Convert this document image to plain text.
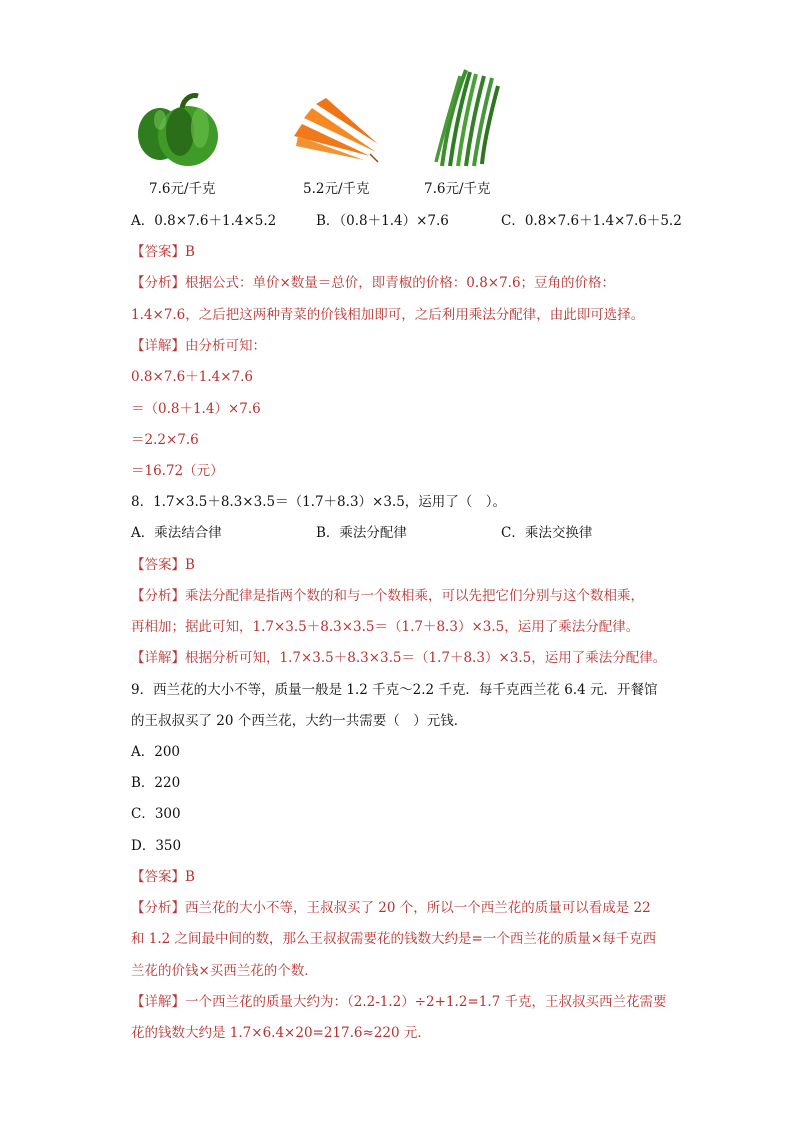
7.6元/千克	5.2元/千克	7.6元/千克
A．0.8×7.6＋1.4×5.2	B．（0.8＋1.4）×7.6	C．0.8×7.6＋1.4×7.6＋5.2
【答案】B
【分析】根据公式：单价×数量＝总价，即青椒的价格：0.8×7.6；豆角的价格：
1.4×7.6，之后把这两种青菜的价钱相加即可，之后利用乘法分配律，由此即可选择。
【详解】由分析可知：
0.8×7.6＋1.4×7.6
＝（0.8＋1.4）×7.6
＝2.2×7.6
＝16.72（元）
8．1.7×3.5＋8.3×3.5＝（1.7＋8.3）×3.5，运用了（　）。
A．乘法结合律	B．乘法分配律	C．乘法交换律
【答案】B
【分析】乘法分配律是指两个数的和与一个数相乘，可以先把它们分别与这个数相乘，
再相加；据此可知，1.7×3.5＋8.3×3.5＝（1.7＋8.3）×3.5，运用了乘法分配律。
【详解】根据分析可知，1.7×3.5＋8.3×3.5＝（1.7＋8.3）×3.5，运用了乘法分配律。
9．西兰花的大小不等，质量一般是 1.2 千克～2.2 千克．每千克西兰花 6.4 元．开餐馆
的王叔叔买了 20 个西兰花，大约一共需要（　）元钱．
A．200
B．220
C．300
D．350
【答案】B
【分析】西兰花的大小不等，王叔叔买了 20 个，所以一个西兰花的质量可以看成是 22
和 1.2 之间最中间的数，那么王叔叔需要花的钱数大约是=一个西兰花的质量×每千克西
兰花的价钱×买西兰花的个数．
【详解】一个西兰花的质量大约为：（2.2-1.2）÷2+1.2=1.7 千克，王叔叔买西兰花需要
花的钱数大约是 1.7×6.4×20=217.6≈220 元．
